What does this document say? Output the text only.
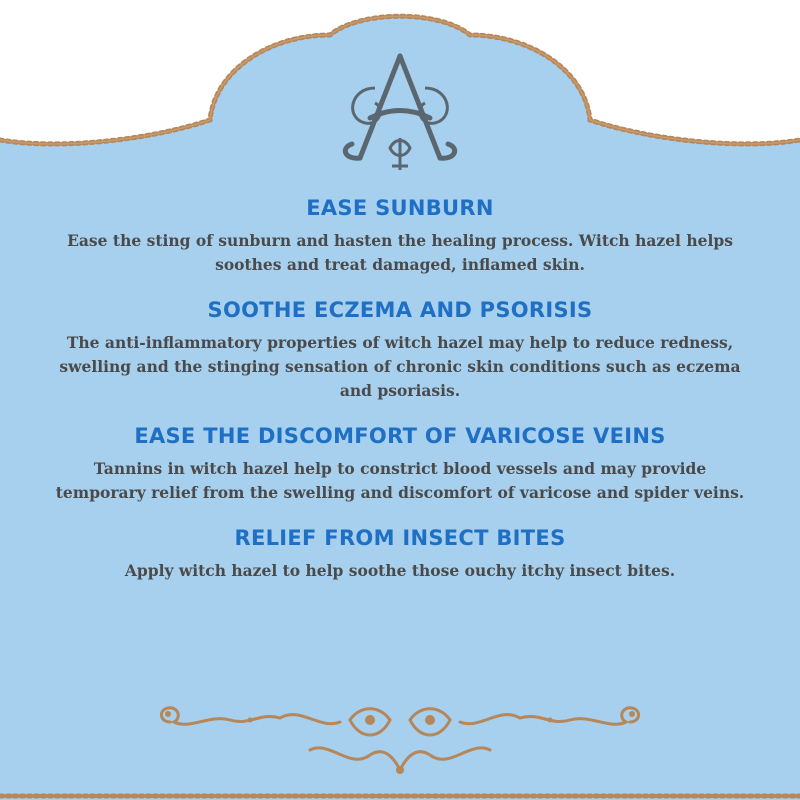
EASE SUNBURN

Ease the sting of sunburn and hasten the healing process. Witch hazel helps soothes and treat damaged, inflamed skin.

SOOTHE ECZEMA AND PSORISIS

The anti-inflammatory properties of witch hazel may help to reduce redness, swelling and the stinging sensation of chronic skin conditions such as eczema and psoriasis.

EASE THE DISCOMFORT OF VARICOSE VEINS

Tannins in witch hazel help to constrict blood vessels and may provide temporary relief from the swelling and discomfort of varicose and spider veins.

RELIEF FROM INSECT BITES

Apply witch hazel to help soothe those ouchy itchy insect bites.
